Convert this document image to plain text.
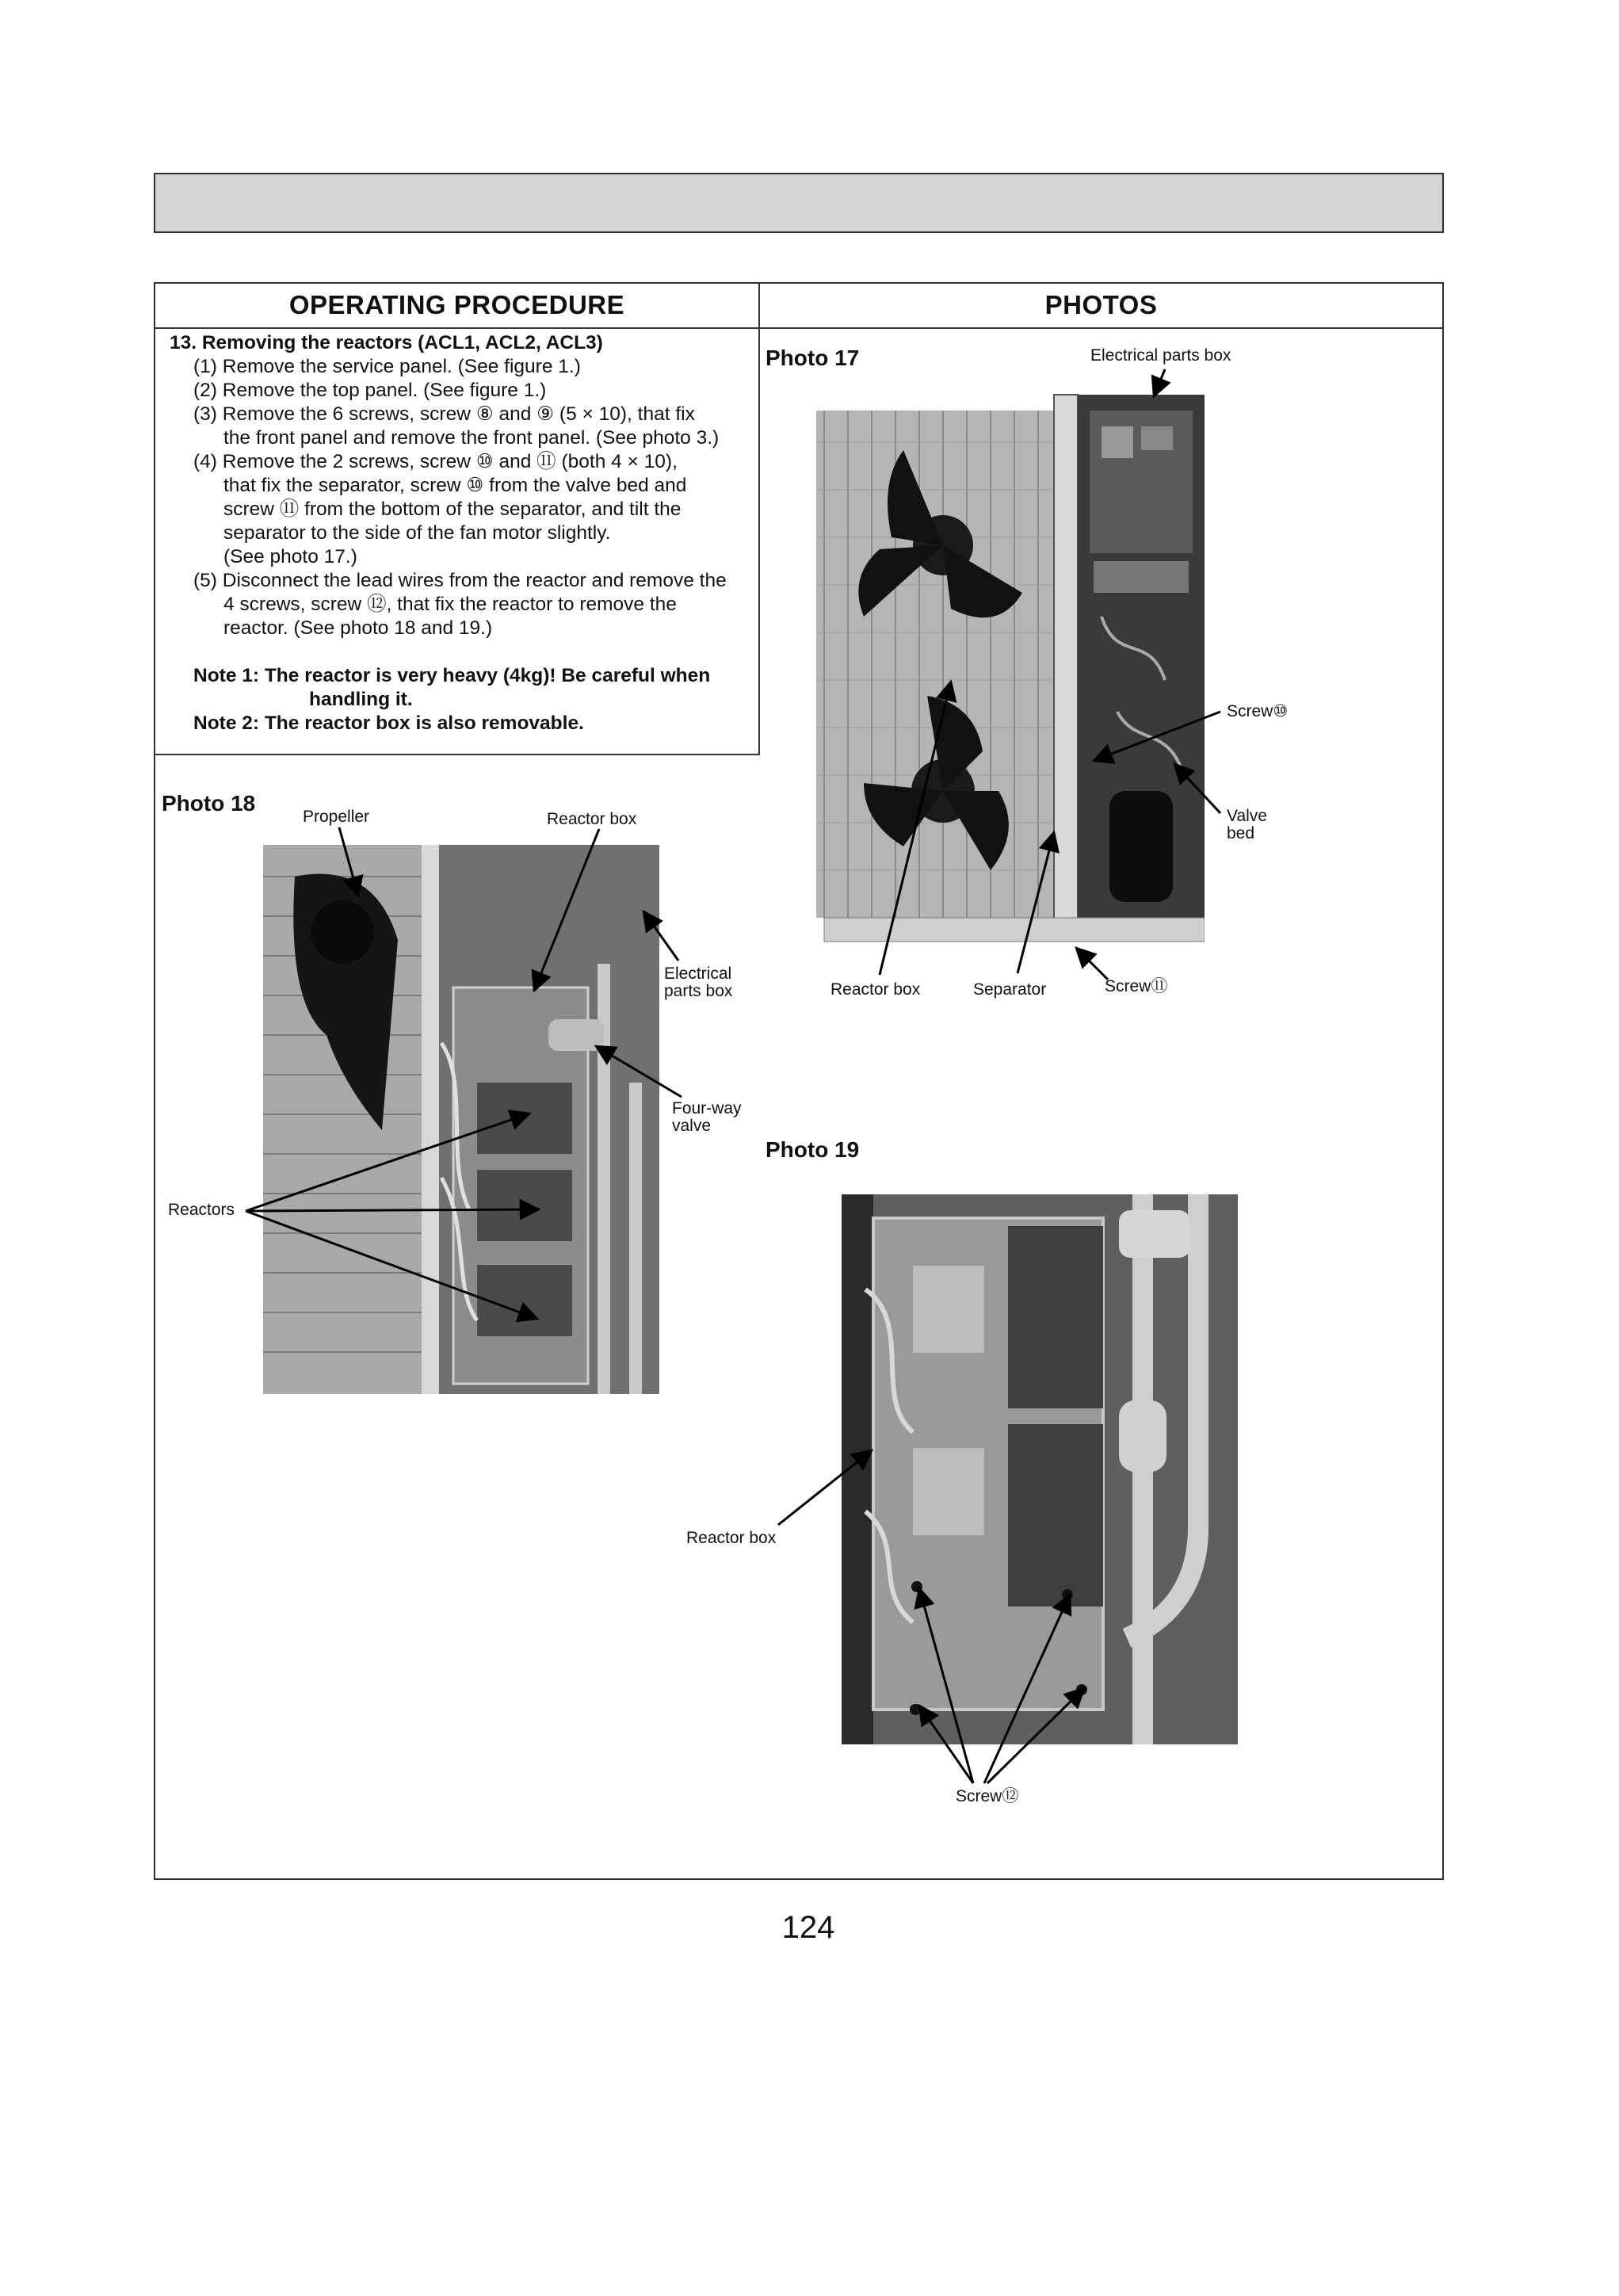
OPERATING PROCEDURE	PHOTOS
13. Removing the reactors (ACL1, ACL2, ACL3)
(1) Remove the service panel. (See figure 1.)
(2) Remove the top panel. (See figure 1.)
(3) Remove the 6 screws, screw ⑧ and ⑨ (5 × 10), that fix
the front panel and remove the front panel. (See photo 3.)
(4) Remove the 2 screws, screw ⑩ and ⑪ (both 4 × 10),
that fix the separator, screw ⑩ from the valve bed and
screw ⑪ from the bottom of the separator, and tilt the
separator to the side of the fan motor slightly.
(See photo 17.)
(5) Disconnect the lead wires from the reactor and remove the
4 screws, screw ⑫, that fix the reactor to remove the
reactor. (See photo 18 and 19.)
Note 1: The reactor is very heavy (4kg)! Be careful when
handling it.
Note 2: The reactor box is also removable.
Photo 17	Electrical parts box
Screw⑩
Valve
bed
Reactor box	Separator	Screw⑪
Photo 18
Propeller	Reactor box
Electrical
parts box
Four-way
valve
Reactors
Photo 19
Reactor box
Screw⑫
124
